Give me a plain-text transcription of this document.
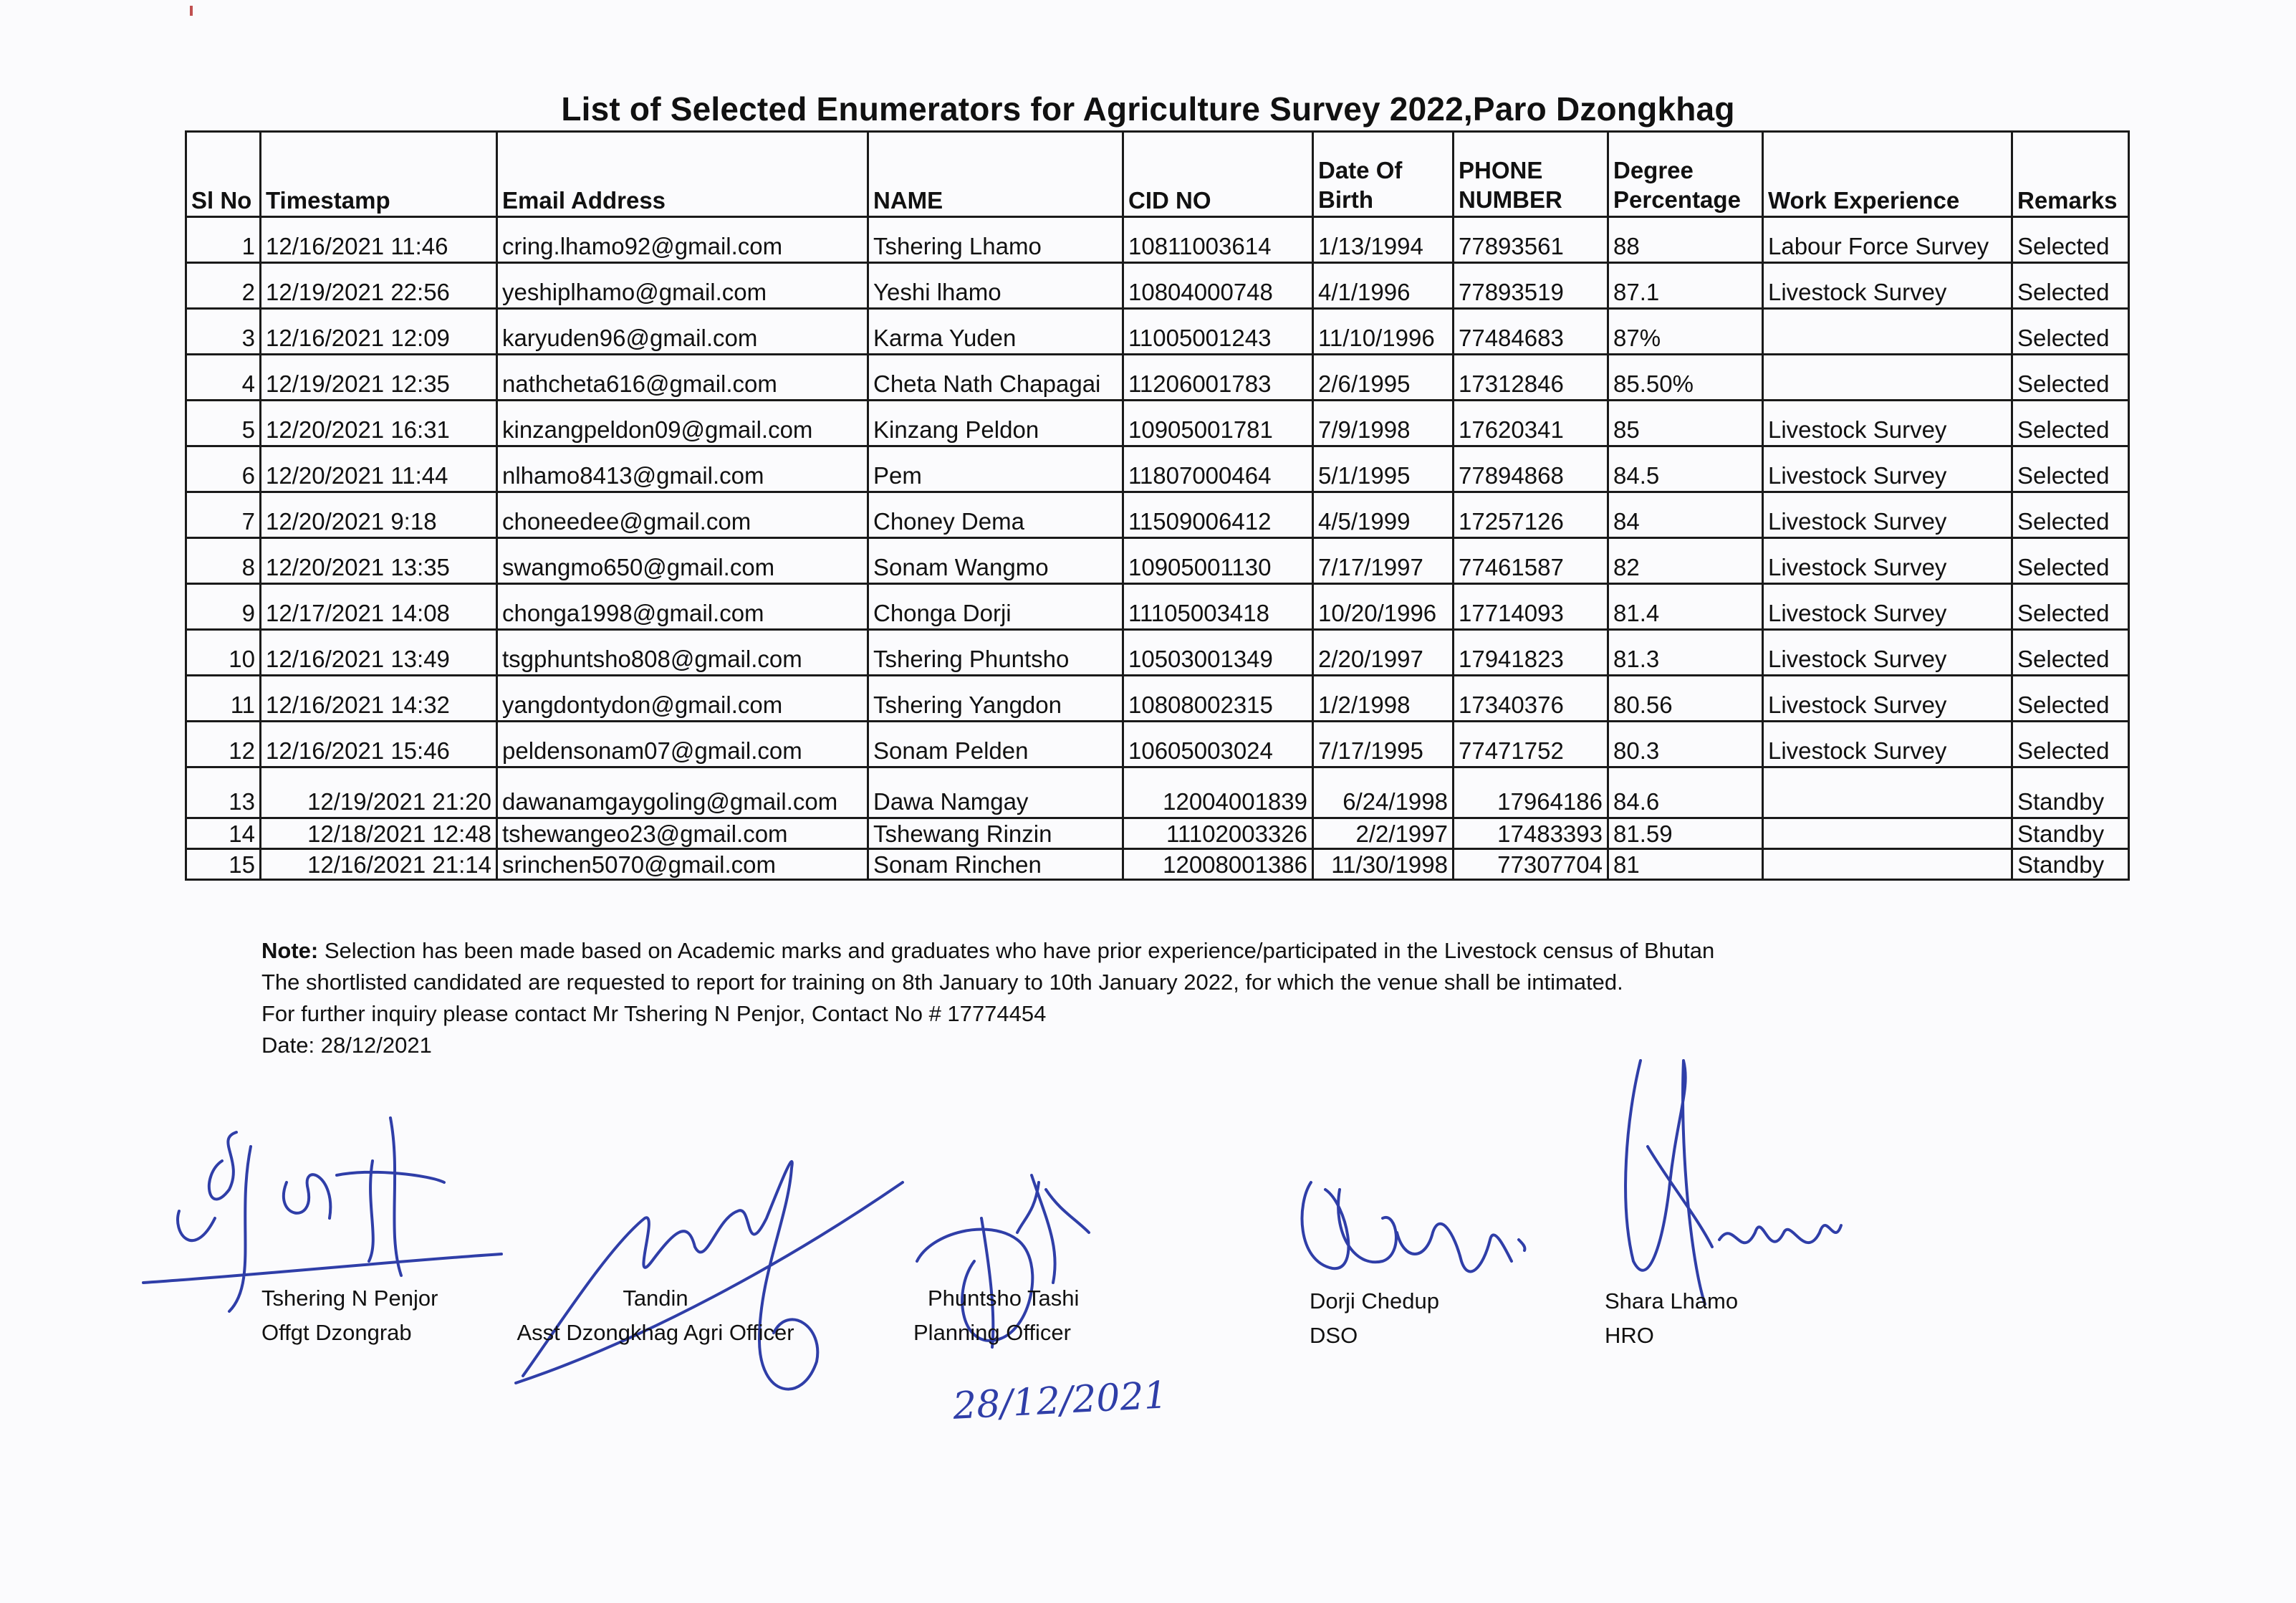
List of Selected Enumerators for Agriculture Survey 2022,Paro Dzongkhag
Sl No	Timestamp	Email Address	NAME	CID NO	Date Of Birth	PHONE NUMBER	Degree Percentage	Work Experience	Remarks
1	12/16/2021 11:46	cring.lhamo92@gmail.com	Tshering Lhamo	10811003614	1/13/1994	77893561	88	Labour Force Survey	Selected
2	12/19/2021 22:56	yeshiplhamo@gmail.com	Yeshi lhamo	10804000748	4/1/1996	77893519	87.1	Livestock Survey	Selected
3	12/16/2021 12:09	karyuden96@gmail.com	Karma Yuden	11005001243	11/10/1996	77484683	87%		Selected
4	12/19/2021 12:35	nathcheta616@gmail.com	Cheta Nath Chapagai	11206001783	2/6/1995	17312846	85.50%		Selected
5	12/20/2021 16:31	kinzangpeldon09@gmail.com	Kinzang Peldon	10905001781	7/9/1998	17620341	85	Livestock Survey	Selected
6	12/20/2021 11:44	nlhamo8413@gmail.com	Pem	11807000464	5/1/1995	77894868	84.5	Livestock Survey	Selected
7	12/20/2021 9:18	choneedee@gmail.com	Choney Dema	11509006412	4/5/1999	17257126	84	Livestock Survey	Selected
8	12/20/2021 13:35	swangmo650@gmail.com	Sonam Wangmo	10905001130	7/17/1997	77461587	82	Livestock Survey	Selected
9	12/17/2021 14:08	chonga1998@gmail.com	Chonga Dorji	11105003418	10/20/1996	17714093	81.4	Livestock Survey	Selected
10	12/16/2021 13:49	tsgphuntsho808@gmail.com	Tshering Phuntsho	10503001349	2/20/1997	17941823	81.3	Livestock Survey	Selected
11	12/16/2021 14:32	yangdontydon@gmail.com	Tshering Yangdon	10808002315	1/2/1998	17340376	80.56	Livestock Survey	Selected
12	12/16/2021 15:46	peldensonam07@gmail.com	Sonam Pelden	10605003024	7/17/1995	77471752	80.3	Livestock Survey	Selected
13	12/19/2021 21:20	dawanamgaygoling@gmail.com	Dawa Namgay	12004001839	6/24/1998	17964186	84.6		Standby
14	12/18/2021 12:48	tshewangeo23@gmail.com	Tshewang Rinzin	11102003326	2/2/1997	17483393	81.59		Standby
15	12/16/2021 21:14	srinchen5070@gmail.com	Sonam Rinchen	12008001386	11/30/1998	77307704	81		Standby
Note: Selection has been made based on Academic marks and graduates who have prior experience/participated in the Livestock census of Bhutan
The shortlisted candidated are requested to report for training on 8th January to 10th January 2022, for which the venue shall be intimated.
For further inquiry please contact Mr Tshering N Penjor, Contact No # 17774454
Date: 28/12/2021
Tshering N Penjor
Offgt Dzongrab
Tandin
Asst Dzongkhag Agri Officer
Phuntsho Tashi
Planning Officer
Dorji Chedup
DSO
Shara Lhamo
HRO
28/12/2021
